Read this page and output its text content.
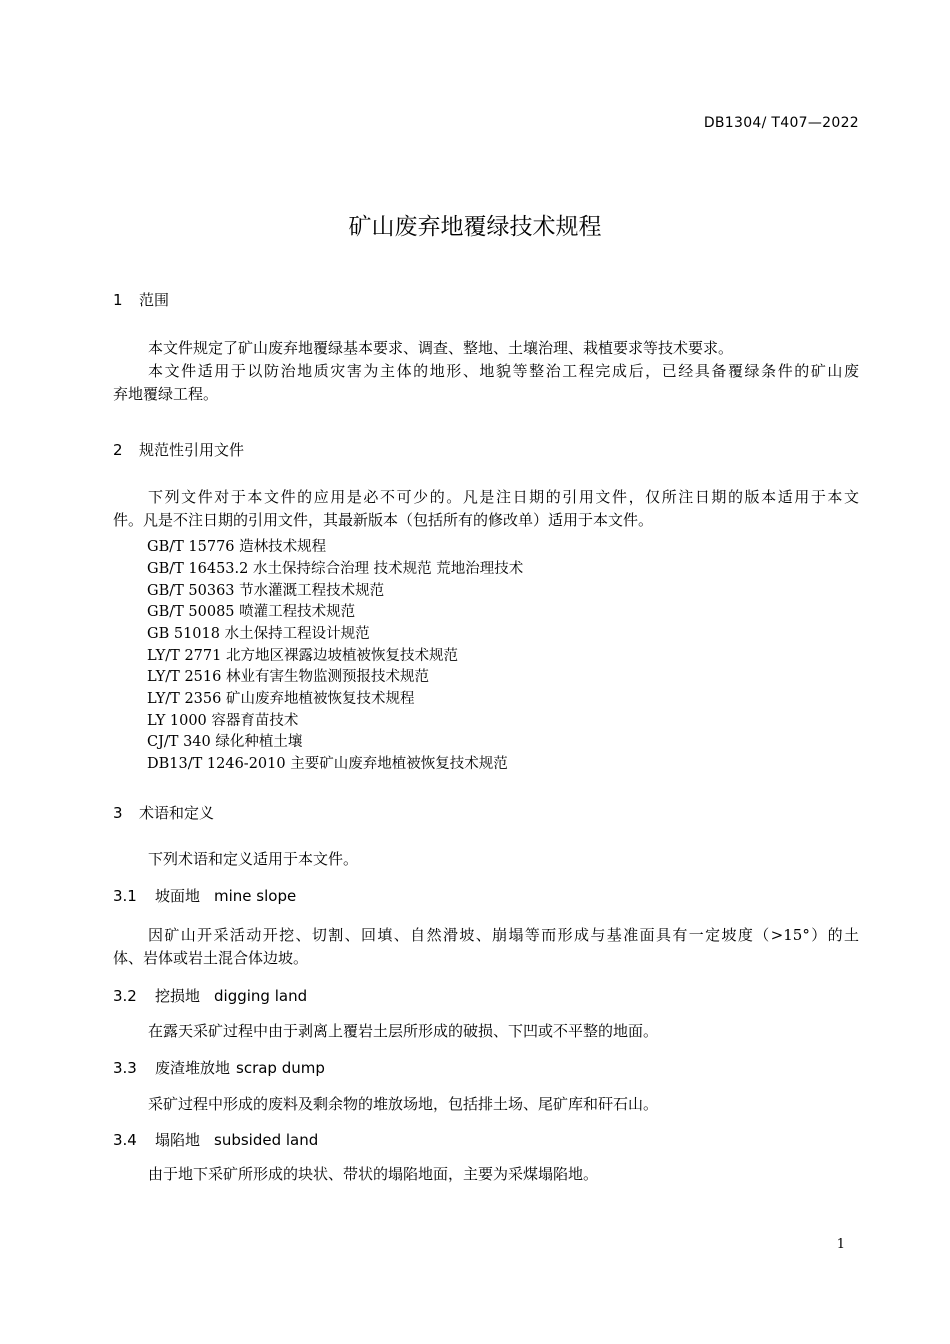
DB1304/ T407—2022
矿山废弃地覆绿技术规程
1 范围
本文件规定了矿山废弃地覆绿基本要求、调查、整地、土壤治理、栽植要求等技术要求。
本文件适用于以防治地质灾害为主体的地形、地貌等整治工程完成后，已经具备覆绿条件的矿山废
弃地覆绿工程。
2 规范性引用文件
下列文件对于本文件的应用是必不可少的。凡是注日期的引用文件，仅所注日期的版本适用于本文
件。凡是不注日期的引用文件，其最新版本（包括所有的修改单）适用于本文件。
GB/T 15776 造林技术规程
GB/T 16453.2 水土保持综合治理 技术规范 荒地治理技术
GB/T 50363 节水灌溉工程技术规范
GB/T 50085 喷灌工程技术规范
GB 51018 水土保持工程设计规范
LY/T 2771 北方地区裸露边坡植被恢复技术规范
LY/T 2516 林业有害生物监测预报技术规范
LY/T 2356 矿山废弃地植被恢复技术规程
LY 1000 容器育苗技术
CJ/T 340 绿化种植土壤
DB13/T 1246-2010 主要矿山废弃地植被恢复技术规范
3 术语和定义
下列术语和定义适用于本文件。
3.1 坡面地 mine slope
因矿山开采活动开挖、切割、回填、自然滑坡、崩塌等而形成与基准面具有一定坡度（>15°）的土
体、岩体或岩土混合体边坡。
3.2 挖损地 digging land
在露天采矿过程中由于剥离上覆岩土层所形成的破损、下凹或不平整的地面。
3.3 废渣堆放地 scrap dump
采矿过程中形成的废料及剩余物的堆放场地，包括排土场、尾矿库和矸石山。
3.4 塌陷地 subsided land
由于地下采矿所形成的块状、带状的塌陷地面，主要为采煤塌陷地。
1
